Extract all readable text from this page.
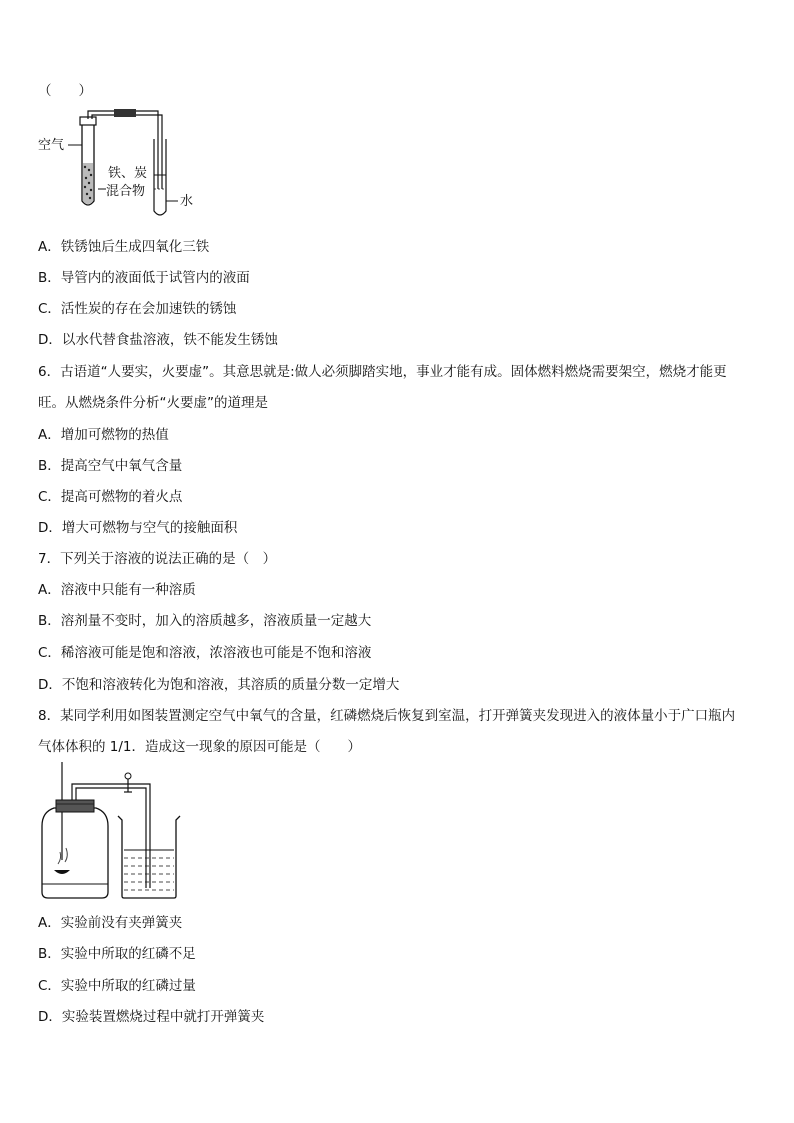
（　　）
空气
铁、炭
混合物
水
A．铁锈蚀后生成四氧化三铁
B．导管内的液面低于试管内的液面
C．活性炭的存在会加速铁的锈蚀
D．以水代替食盐溶液，铁不能发生锈蚀
6．古语道“人要实，火要虚”。其意思就是:做人必须脚踏实地，事业才能有成。固体燃料燃烧需要架空，燃烧才能更
旺。从燃烧条件分析“火要虚”的道理是
A．增加可燃物的热值
B．提高空气中氧气含量
C．提高可燃物的着火点
D．增大可燃物与空气的接触面积
7．下列关于溶液的说法正确的是（　）
A．溶液中只能有一种溶质
B．溶剂量不变时，加入的溶质越多，溶液质量一定越大
C．稀溶液可能是饱和溶液，浓溶液也可能是不饱和溶液
D．不饱和溶液转化为饱和溶液，其溶质的质量分数一定增大
8．某同学利用如图装置测定空气中氧气的含量，红磷燃烧后恢复到室温，打开弹簧夹发现进入的液体量小于广口瓶内
气体体积的 1/1．造成这一现象的原因可能是（　　）
A．实验前没有夹弹簧夹
B．实验中所取的红磷不足
C．实验中所取的红磷过量
D．实验装置燃烧过程中就打开弹簧夹
